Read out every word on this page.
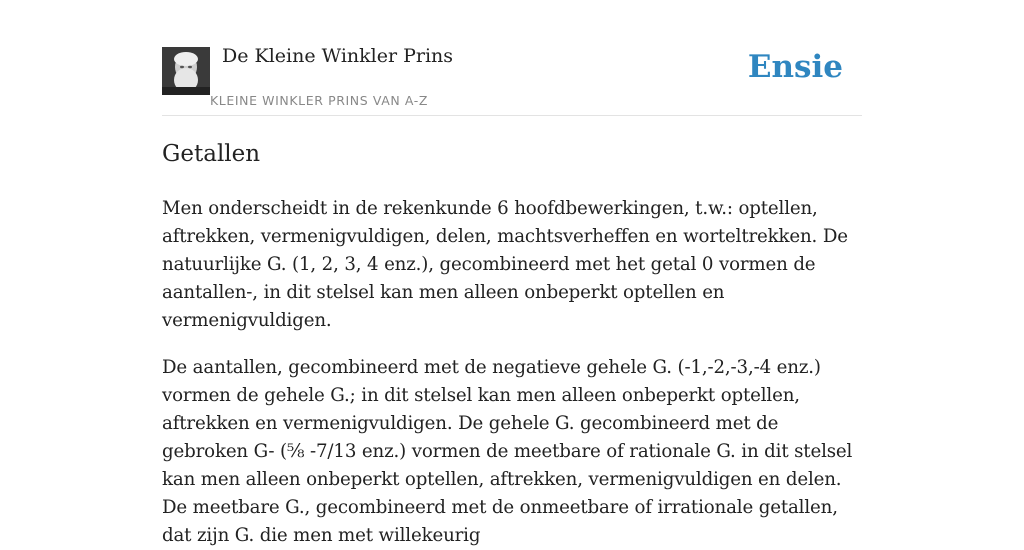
De Kleine Winkler Prins
KLEINE WINKLER PRINS VAN A-Z
Ensie
Getallen

Men onderscheidt in de rekenkunde 6 hoofdbewerkingen, t.w.: optellen, aftrekken, vermenigvuldigen, delen, machtsverheffen en worteltrekken. De natuurlijke G. (1, 2, 3, 4 enz.), gecombineerd met het getal 0 vormen de aantallen-, in dit stelsel kan men alleen onbeperkt optellen en vermenigvuldigen.

De aantallen, gecombineerd met de negatieve gehele G. (-1,-2,-3,-4 enz.) vormen de gehele G.; in dit stelsel kan men alleen onbeperkt optellen, aftrekken en vermenigvuldigen. De gehele G. gecombineerd met de gebroken G- (⅝ -7/13 enz.) vormen de meetbare of rationale G. in dit stelsel kan men alleen onbeperkt optellen, aftrekken, vermenigvuldigen en delen. De meetbare G., gecombineerd met de onmeetbare of irrationale getallen, dat zijn G. die men met willekeurig
